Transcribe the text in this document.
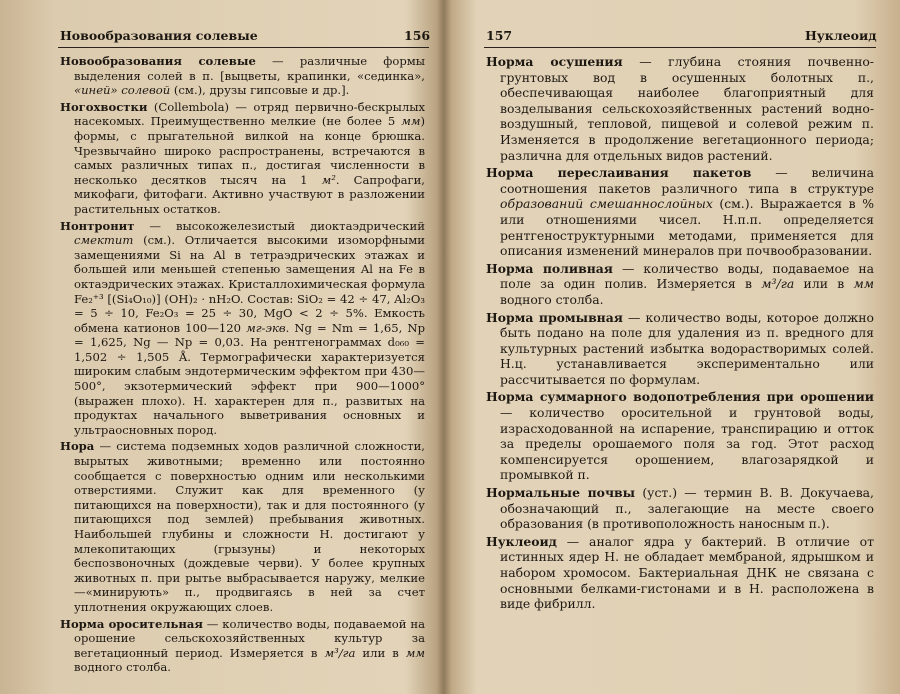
Новообразования солевые	156

Новообразования солевые — различные формы выделения солей в п. [выцветы, крапинки, «сединка», «иней» солевой (см.), друзы гипсовые и др.].

Ногохвостки (Collembola) — отряд первично-бескрылых насекомых. Преимущественно мелкие (не более 5 мм) формы, с прыгательной вилкой на конце брюшка. Чрезвычайно широко распространены, встречаются в самых различных типах п., достигая численности в несколько десятков тысяч на 1 м². Сапрофаги, микофаги, фитофаги. Активно участвуют в разложении растительных остатков.

Нонтронит — высокожелезистый диоктаэдрический смектит (см.). Отличается высокими изоморфными замещениями Si на Al в тетраэдрических этажах и большей или меньшей степенью замещения Al на Fe в октаэдрических этажах. Кристаллохимическая формула Fe₂⁺³ [(Si₄O₁₀)] (OH)₂ · nH₂O. Состав: SiO₂ = 42 ÷ 47, Al₂O₃ = 5 ÷ 10, Fe₂O₃ = 25 ÷ 30, MgO < 2 ÷ 5%. Емкость обмена катионов 100—120 мг-экв. Ng = Nm = 1,65, Np = 1,625, Ng — Np = 0,03. На рентгенограммах d₀₆₀ = 1,502 ÷ 1,505 Å. Термографически характеризуется широким слабым эндотермическим эффектом при 430—500°, экзотермический эффект при 900—1000° (выражен плохо). Н. характерен для п., развитых на продуктах начального выветривания основных и ультраосновных пород.

Нора — система подземных ходов различной сложности, вырытых животными; временно или постоянно сообщается с поверхностью одним или несколькими отверстиями. Служит как для временного (у питающихся на поверхности), так и для постоянного (у питающихся под землей) пребывания животных. Наибольшей глубины и сложности Н. достигают у млекопитающих (грызуны) и некоторых беспозвоночных (дождевые черви). У более крупных животных п. при рытье выбрасывается наружу, мелкие —«минирують» п., продвигаясь в ней за счет уплотнения окружающих слоев.

Норма оросительная — количество воды, подаваемой на орошение сельскохозяйственных культур за вегетационный период. Измеряется в м³/га или в мм водного столба.

157	Нуклеоид

Норма осушения — глубина стояния почвенно-грунтовых вод в осушенных болотных п., обеспечивающая наиболее благоприятный для возделывания сельскохозяйственных растений водно-воздушный, тепловой, пищевой и солевой режим п. Изменяется в продолжение вегетационного периода; различна для отдельных видов растений.

Норма переслаивания пакетов — величина соотношения пакетов различного типа в структуре образований смешаннослойных (см.). Выражается в % или отношениями чисел. Н.п.п. определяется рентгеноструктурными методами, применяется для описания изменений минералов при почвообразовании.

Норма поливная — количество воды, подаваемое на поле за один полив. Измеряется в м³/га или в мм водного столба.

Норма промывная — количество воды, которое должно быть подано на поле для удаления из п. вредного для культурных растений избытка водорастворимых солей. Н.ц. устанавливается экспериментально или рассчитывается по формулам.

Норма суммарного водопотребления при орошении — количество оросительной и грунтовой воды, израсходованной на испарение, транспирацию и отток за пределы орошаемого поля за год. Этот расход компенсируется орошением, влагозарядкой и промывкой п.

Нормальные почвы (уст.) — термин В. В. Докучаева, обозначающий п., залегающие на месте своего образования (в противоположность наносным п.).

Нуклеоид — аналог ядра у бактерий. В отличие от истинных ядер Н. не обладает мембраной, ядрышком и набором хромосом. Бактериальная ДНК не связана с основными белками-гистонами и в Н. расположена в виде фибрилл.
